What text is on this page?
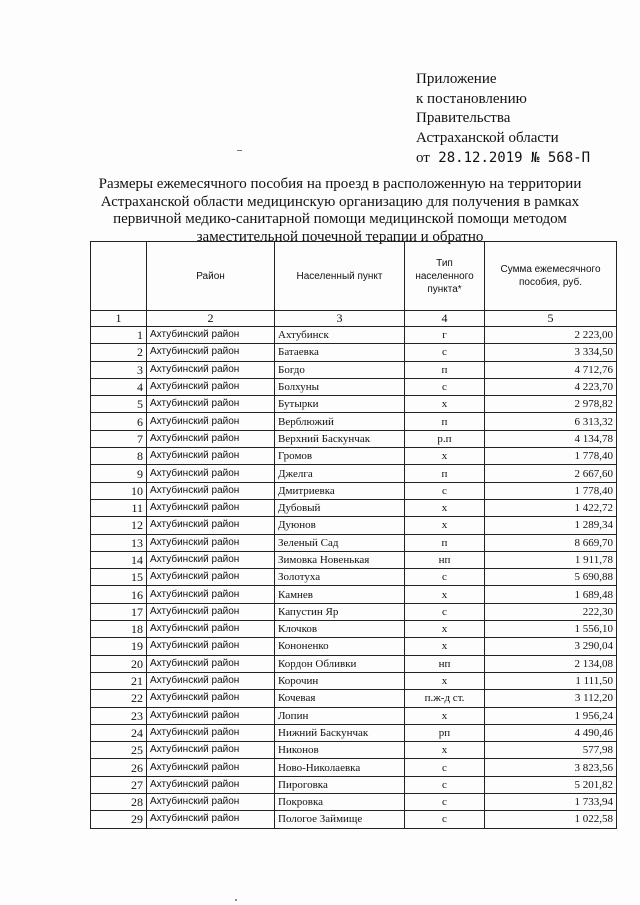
Приложение
к постановлению
Правительства
Астраханской области
от 28.12.2019 № 568-П
Размеры ежемесячного пособия на проезд в расположенную на территории
Астраханской области медицинскую организацию для получения в рамках
первичной медико-санитарной помощи медицинской помощи методом
заместительной почечной терапии и обратно
	Район	Населенный пункт	Тип населенного пункта*	Сумма ежемесячного пособия, руб.
1	2	3	4	5
1	Ахтубинский район	Ахтубинск	г	2 223,00
2	Ахтубинский район	Батаевка	с	3 334,50
3	Ахтубинский район	Богдо	п	4 712,76
4	Ахтубинский район	Болхуны	с	4 223,70
5	Ахтубинский район	Бутырки	х	2 978,82
6	Ахтубинский район	Верблюжий	п	6 313,32
7	Ахтубинский район	Верхний Баскунчак	р.п	4 134,78
8	Ахтубинский район	Громов	х	1 778,40
9	Ахтубинский район	Джелга	п	2 667,60
10	Ахтубинский район	Дмитриевка	с	1 778,40
11	Ахтубинский район	Дубовый	х	1 422,72
12	Ахтубинский район	Дуюнов	х	1 289,34
13	Ахтубинский район	Зеленый Сад	п	8 669,70
14	Ахтубинский район	Зимовка Новенькая	нп	1 911,78
15	Ахтубинский район	Золотуха	с	5 690,88
16	Ахтубинский район	Камнев	х	1 689,48
17	Ахтубинский район	Капустин Яр	с	222,30
18	Ахтубинский район	Клочков	х	1 556,10
19	Ахтубинский район	Кононенко	х	3 290,04
20	Ахтубинский район	Кордон Обливки	нп	2 134,08
21	Ахтубинский район	Корочин	х	1 111,50
22	Ахтубинский район	Кочевая	п.ж-д ст.	3 112,20
23	Ахтубинский район	Лопин	х	1 956,24
24	Ахтубинский район	Нижний Баскунчак	рп	4 490,46
25	Ахтубинский район	Никонов	х	577,98
26	Ахтубинский район	Ново-Николаевка	с	3 823,56
27	Ахтубинский район	Пироговка	с	5 201,82
28	Ахтубинский район	Покровка	с	1 733,94
29	Ахтубинский район	Пологое Займище	с	1 022,58
